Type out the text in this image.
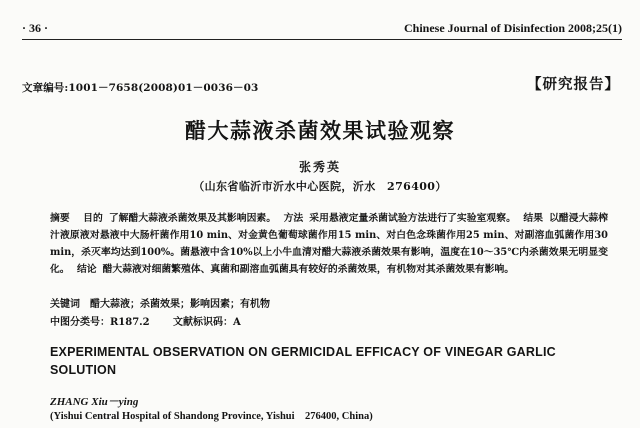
· 36 ·	Chinese Journal of Disinfection 2008;25(1)
文章编号:1001－7658(2008)01－0036－03	【研究报告】
醋大蒜液杀菌效果试验观察
张秀英
（山东省临沂市沂水中心医院，沂水　276400）
摘要 目的 了解醋大蒜液杀菌效果及其影响因素。 方法 采用悬液定量杀菌试验方法进行了实验室观察。 结果 以醋浸大蒜榨汁液原液对悬液中大肠杆菌作用10 min、对金黄色葡萄球菌作用15 min、对白色念珠菌作用25 min、对副溶血弧菌作用30 min，杀灭率均达到100%。菌悬液中含10%以上小牛血清对醋大蒜液杀菌效果有影响，温度在10～35℃内杀菌效果无明显变化。 结论 醋大蒜液对细菌繁殖体、真菌和副溶血弧菌具有较好的杀菌效果，有机物对其杀菌效果有影响。
关键词 醋大蒜液；杀菌效果；影响因素；有机物
中图分类号：R187.2 文献标识码：A
EXPERIMENTAL OBSERVATION ON GERMICIDAL EFFICACY OF VINEGAR GARLIC SOLUTION
ZHANG Xiu－ying
(Yishui Central Hospital of Shandong Province, Yishui　276400, China)
